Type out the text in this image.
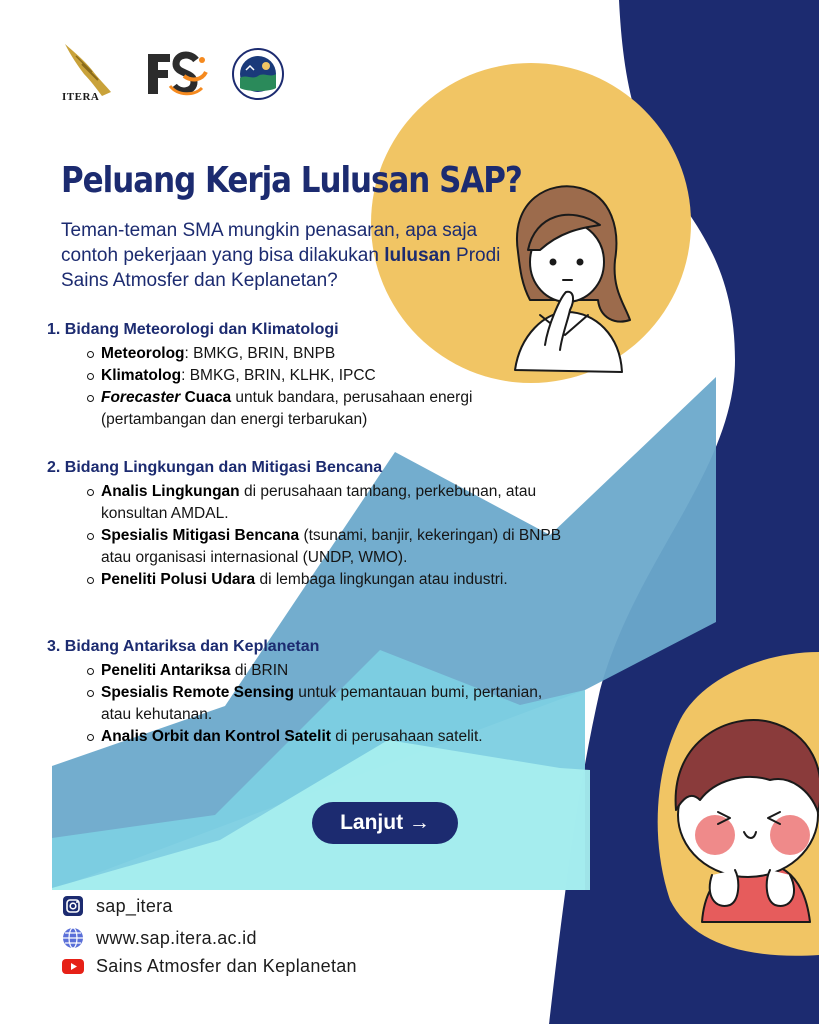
ITERA
Peluang Kerja Lulusan SAP?

Teman-teman SMA mungkin penasaran, apa saja contoh pekerjaan yang bisa dilakukan lulusan Prodi Sains Atmosfer dan Keplanetan?

1. Bidang Meteorologi dan Klimatologi
Meteorolog: BMKG, BRIN, BNPB
Klimatolog: BMKG, BRIN, KLHK, IPCC
Forecaster Cuaca untuk bandara, perusahaan energi (pertambangan dan energi terbarukan)
2. Bidang Lingkungan dan Mitigasi Bencana
Analis Lingkungan di perusahaan tambang, perkebunan, atau konsultan AMDAL.
Spesialis Mitigasi Bencana (tsunami, banjir, kekeringan) di BNPB atau organisasi internasional (UNDP, WMO).
Peneliti Polusi Udara di lembaga lingkungan atau industri.
3. Bidang Antariksa dan Keplanetan
Peneliti Antariksa di BRIN
Spesialis Remote Sensing untuk pemantauan bumi, pertanian, atau kehutanan.
Analis Orbit dan Kontrol Satelit di perusahaan satelit.
Lanjut →
sap_itera
www.sap.itera.ac.id
Sains Atmosfer dan Keplanetan
